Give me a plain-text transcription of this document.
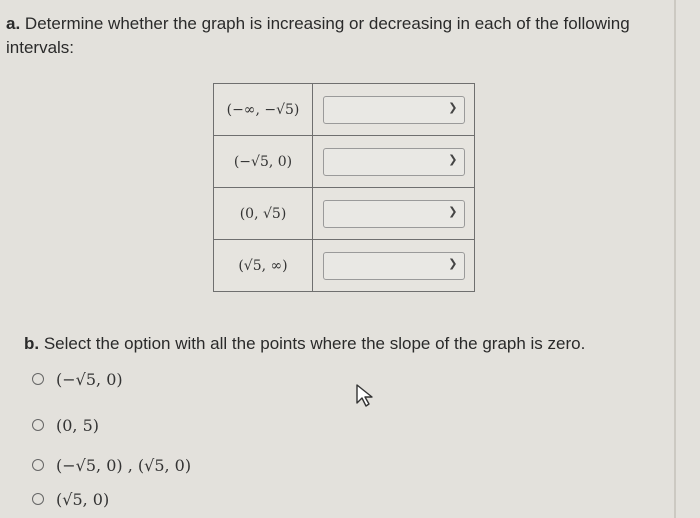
a. Determine whether the graph is increasing or decreasing in each of the following intervals:
(−∞, −√5)	❯

(−√5, 0)	❯

(0, √5)	❯

(√5, ∞)	❯
b. Select the option with all the points where the slope of the graph is zero.
(−√5, 0)
(0, 5)
(−√5, 0) , (√5, 0)
(√5, 0)
